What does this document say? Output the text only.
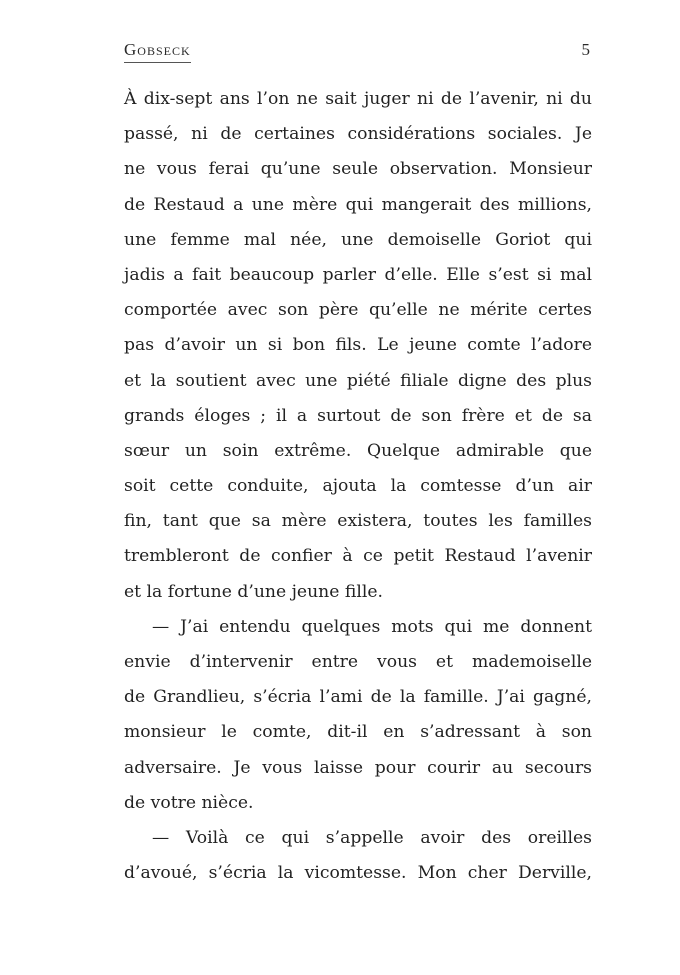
Gobseck	5
À dix-sept ans l’on ne sait juger ni de l’avenir, ni du
passé, ni de certaines considérations sociales. Je
ne vous ferai qu’une seule observation. Monsieur
de Restaud a une mère qui mangerait des millions,
une femme mal née, une demoiselle Goriot qui
jadis a fait beaucoup parler d’elle. Elle s’est si mal
comportée avec son père qu’elle ne mérite certes
pas d’avoir un si bon fils. Le jeune comte l’adore
et la soutient avec une piété filiale digne des plus
grands éloges ; il a surtout de son frère et de sa
sœur un soin extrême. Quelque admirable que
soit cette conduite, ajouta la comtesse d’un air
fin, tant que sa mère existera, toutes les familles
trembleront de confier à ce petit Restaud l’avenir
et la fortune d’une jeune fille.
— J’ai entendu quelques mots qui me donnent
envie d’intervenir entre vous et mademoiselle
de Grandlieu, s’écria l’ami de la famille. J’ai gagné,
monsieur le comte, dit-il en s’adressant à son
adversaire. Je vous laisse pour courir au secours
de votre nièce.
— Voilà ce qui s’appelle avoir des oreilles
d’avoué, s’écria la vicomtesse. Mon cher Derville,
